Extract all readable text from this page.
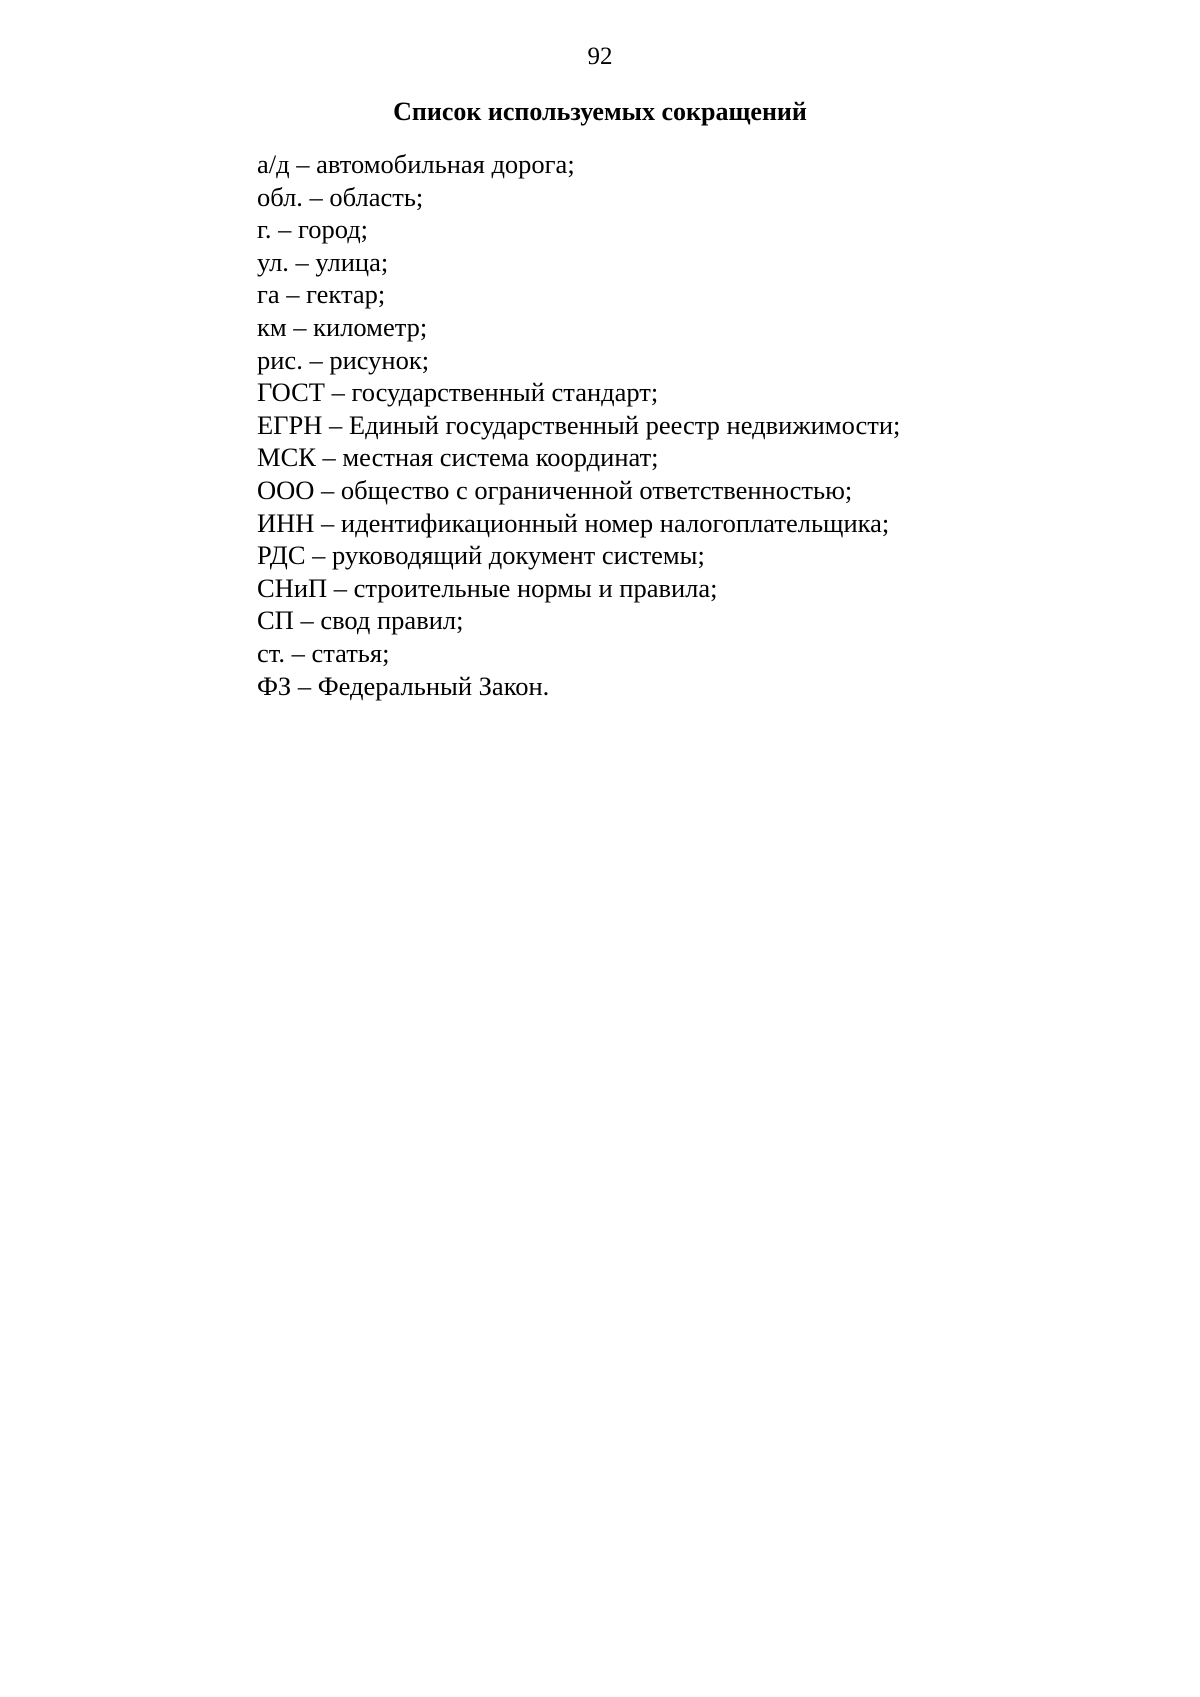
92
Список используемых сокращений
а/д – автомобильная дорога;
обл. – область;
г. – город;
ул. – улица;
га – гектар;
км – километр;
рис. – рисунок;
ГОСТ – государственный стандарт;
ЕГРН – Единый государственный реестр недвижимости;
МСК – местная система координат;
ООО – общество с ограниченной ответственностью;
ИНН – идентификационный номер налогоплательщика;
РДС – руководящий документ системы;
СНиП – строительные нормы и правила;
СП – свод правил;
ст. – статья;
ФЗ – Федеральный Закон.
